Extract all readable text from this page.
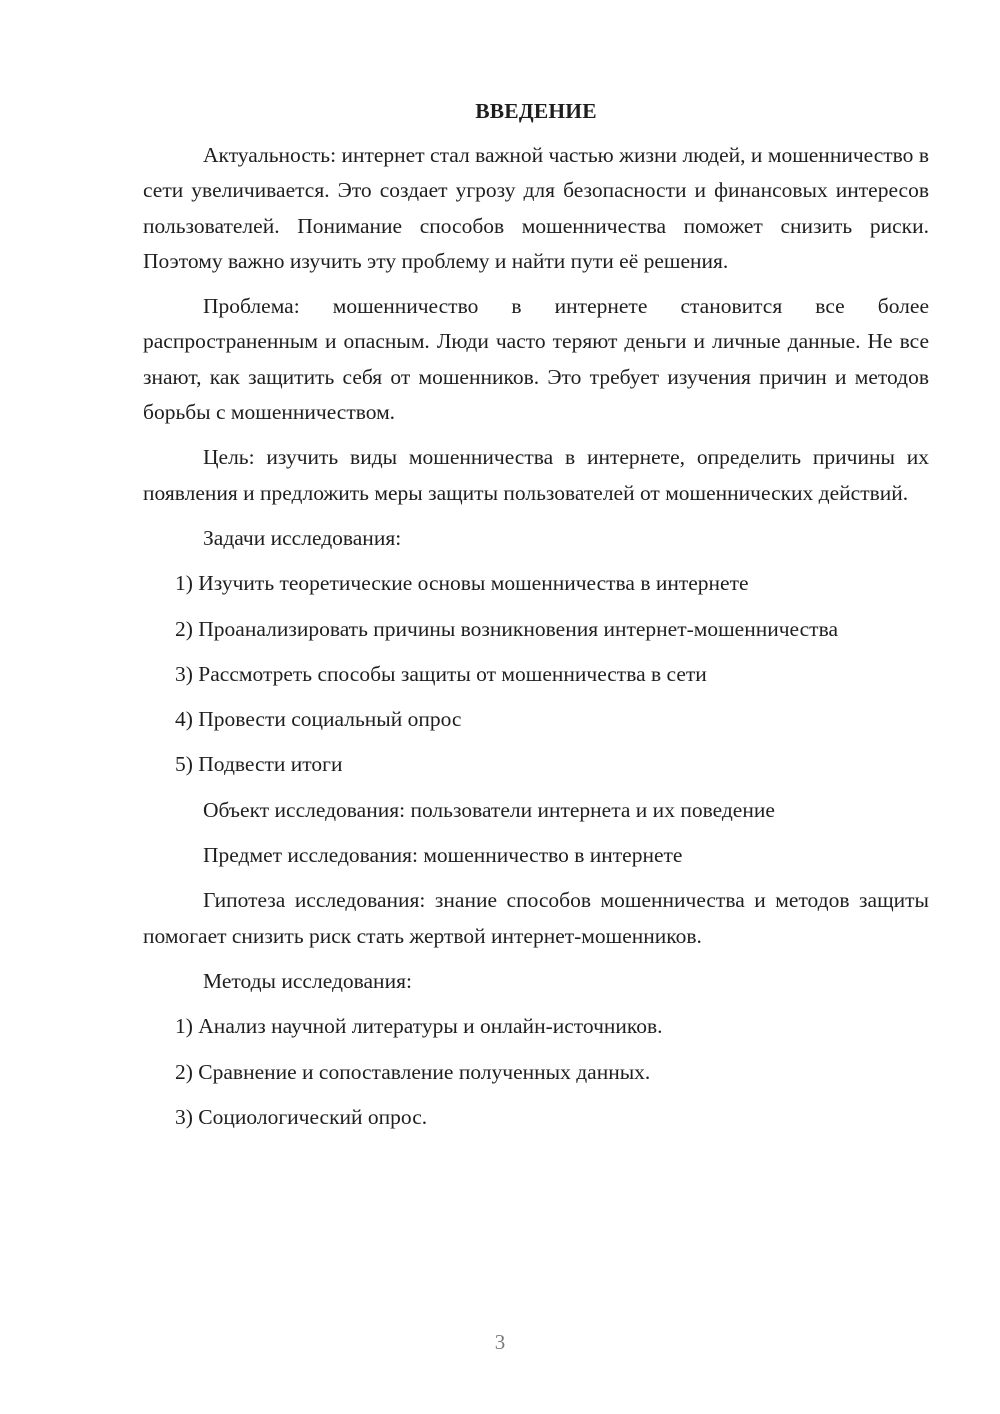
ВВЕДЕНИЕ

Актуальность: интернет стал важной частью жизни людей, и мошенничество в сети увеличивается. Это создает угрозу для безопасности и финансовых интересов пользователей. Понимание способов мошенничества поможет снизить риски. Поэтому важно изучить эту проблему и найти пути её решения.

Проблема: мошенничество в интернете становится все более распространенным и опасным. Люди часто теряют деньги и личные данные. Не все знают, как защитить себя от мошенников. Это требует изучения причин и методов борьбы с мошенничеством.

Цель: изучить виды мошенничества в интернете, определить причины их появления и предложить меры защиты пользователей от мошеннических действий.

Задачи исследования:

1) Изучить теоретические основы мошенничества в интернете

2) Проанализировать причины возникновения интернет-мошенничества

3) Рассмотреть способы защиты от мошенничества в сети

4) Провести социальный опрос

5) Подвести итоги

Объект исследования: пользователи интернета и их поведение

Предмет исследования: мошенничество в интернете

Гипотеза исследования: знание способов мошенничества и методов защиты помогает снизить риск стать жертвой интернет-мошенников.

Методы исследования:

1) Анализ научной литературы и онлайн-источников.

2) Сравнение и сопоставление полученных данных.

3) Социологический опрос.

3
